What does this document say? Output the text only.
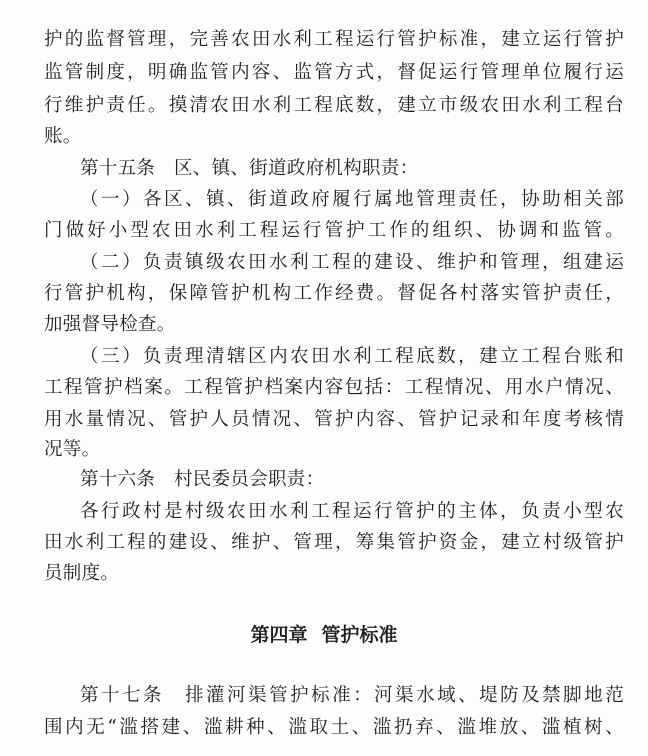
护的监督管理，完善农田水利工程运行管护标准，建立运行管护
监管制度，明确监管内容、监管方式，督促运行管理单位履行运
行维护责任。摸清农田水利工程底数，建立市级农田水利工程台
账。
第十五条　区、镇、街道政府机构职责：
（一）各区、镇、街道政府履行属地管理责任，协助相关部
门做好小型农田水利工程运行管护工作的组织、协调和监管。
（二）负责镇级农田水利工程的建设、维护和管理，组建运
行管护机构，保障管护机构工作经费。督促各村落实管护责任，
加强督导检查。
（三）负责理清辖区内农田水利工程底数，建立工程台账和
工程管护档案。工程管护档案内容包括：工程情况、用水户情况、
用水量情况、管护人员情况、管护内容、管护记录和年度考核情
况等。
第十六条　村民委员会职责：
各行政村是村级农田水利工程运行管护的主体，负责小型农
田水利工程的建设、维护、管理，筹集管护资金，建立村级管护
员制度。
第四章 管护标准
第十七条　排灌河渠管护标准：河渠水域、堤防及禁脚地范
围内无“滥搭建、滥耕种、滥取土、滥扔弃、滥堆放、滥植树、
